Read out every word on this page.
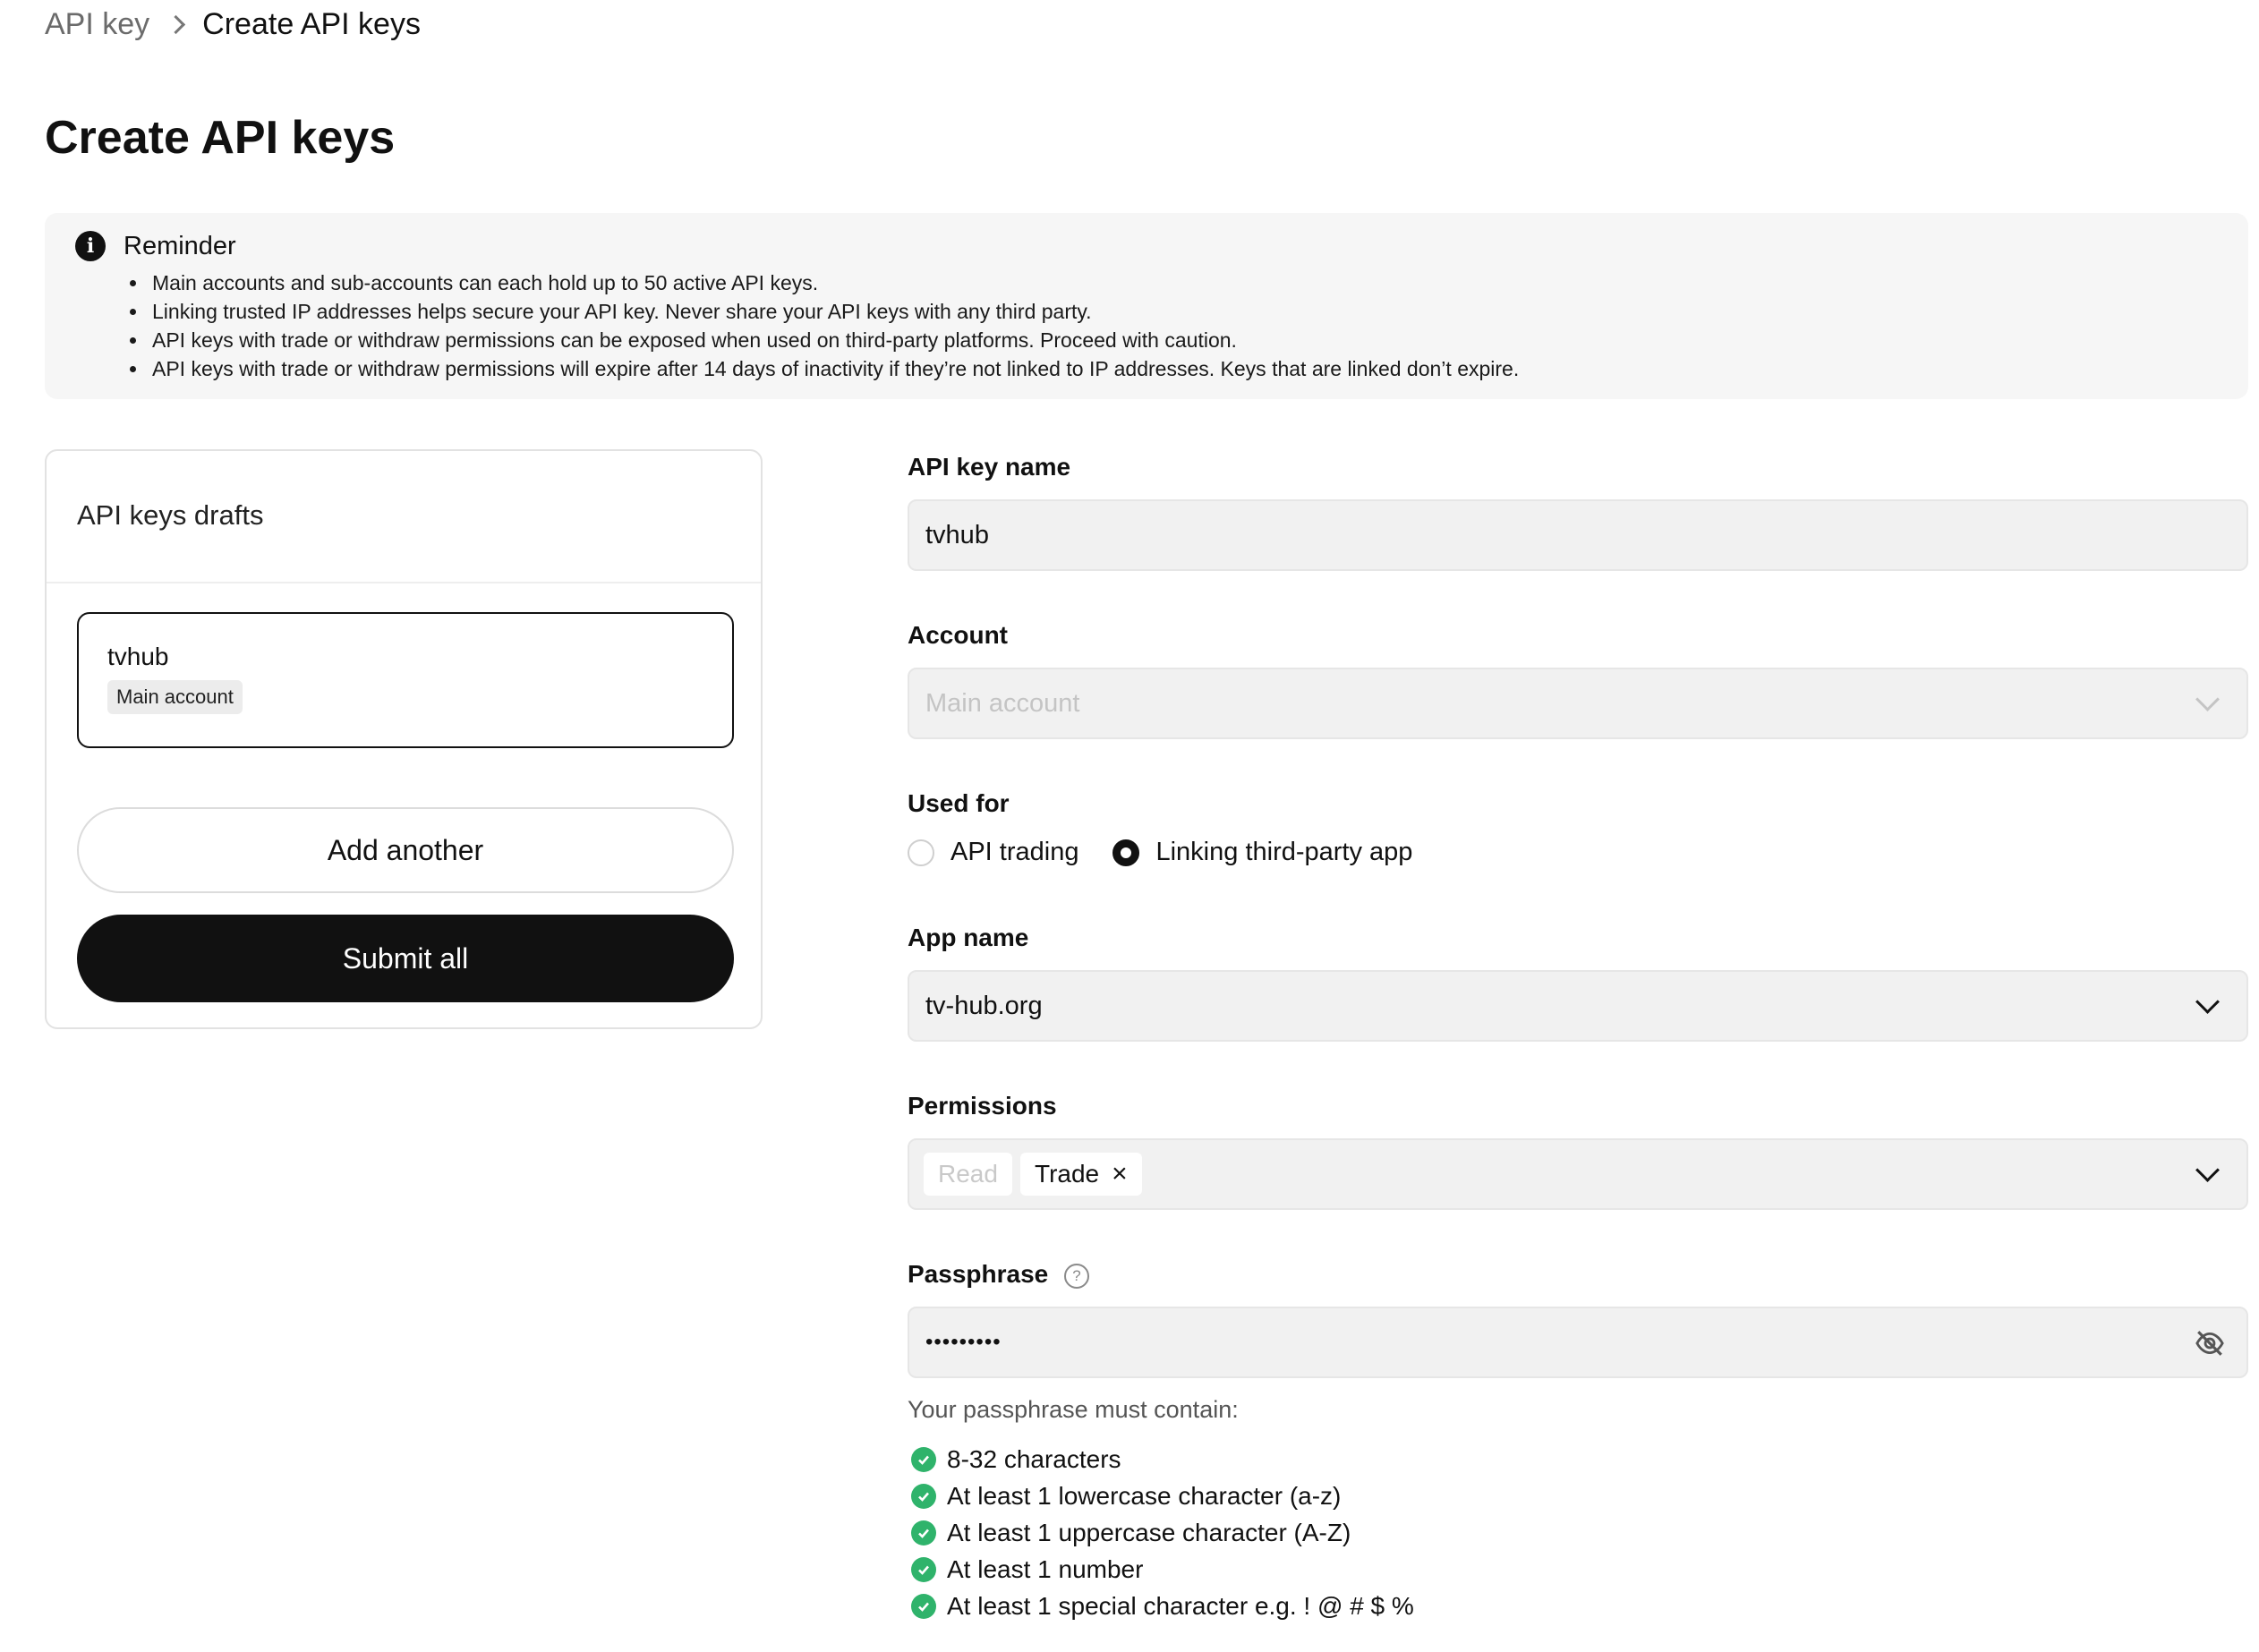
API key Create API keys
Create API keys
i	Reminder
• Main accounts and sub-accounts can each hold up to 50 active API keys.
• Linking trusted IP addresses helps secure your API key. Never share your API keys with any third party.
• API keys with trade or withdraw permissions can be exposed when used on third-party platforms. Proceed with caution.
• API keys with trade or withdraw permissions will expire after 14 days of inactivity if they’re not linked to IP addresses. Keys that are linked don’t expire.
API keys drafts
tvhub
Main account
Add another
Submit all
API key name
tvhub
Account
Main account
Used for
API trading	Linking third-party app
App name
tv-hub.org
Permissions
Read	Trade ×
Passphrase ?
•••••••••
Your passphrase must contain:
8-32 characters
At least 1 lowercase character (a-z)
At least 1 uppercase character (A-Z)
At least 1 number
At least 1 special character e.g. ! @ # $ %
